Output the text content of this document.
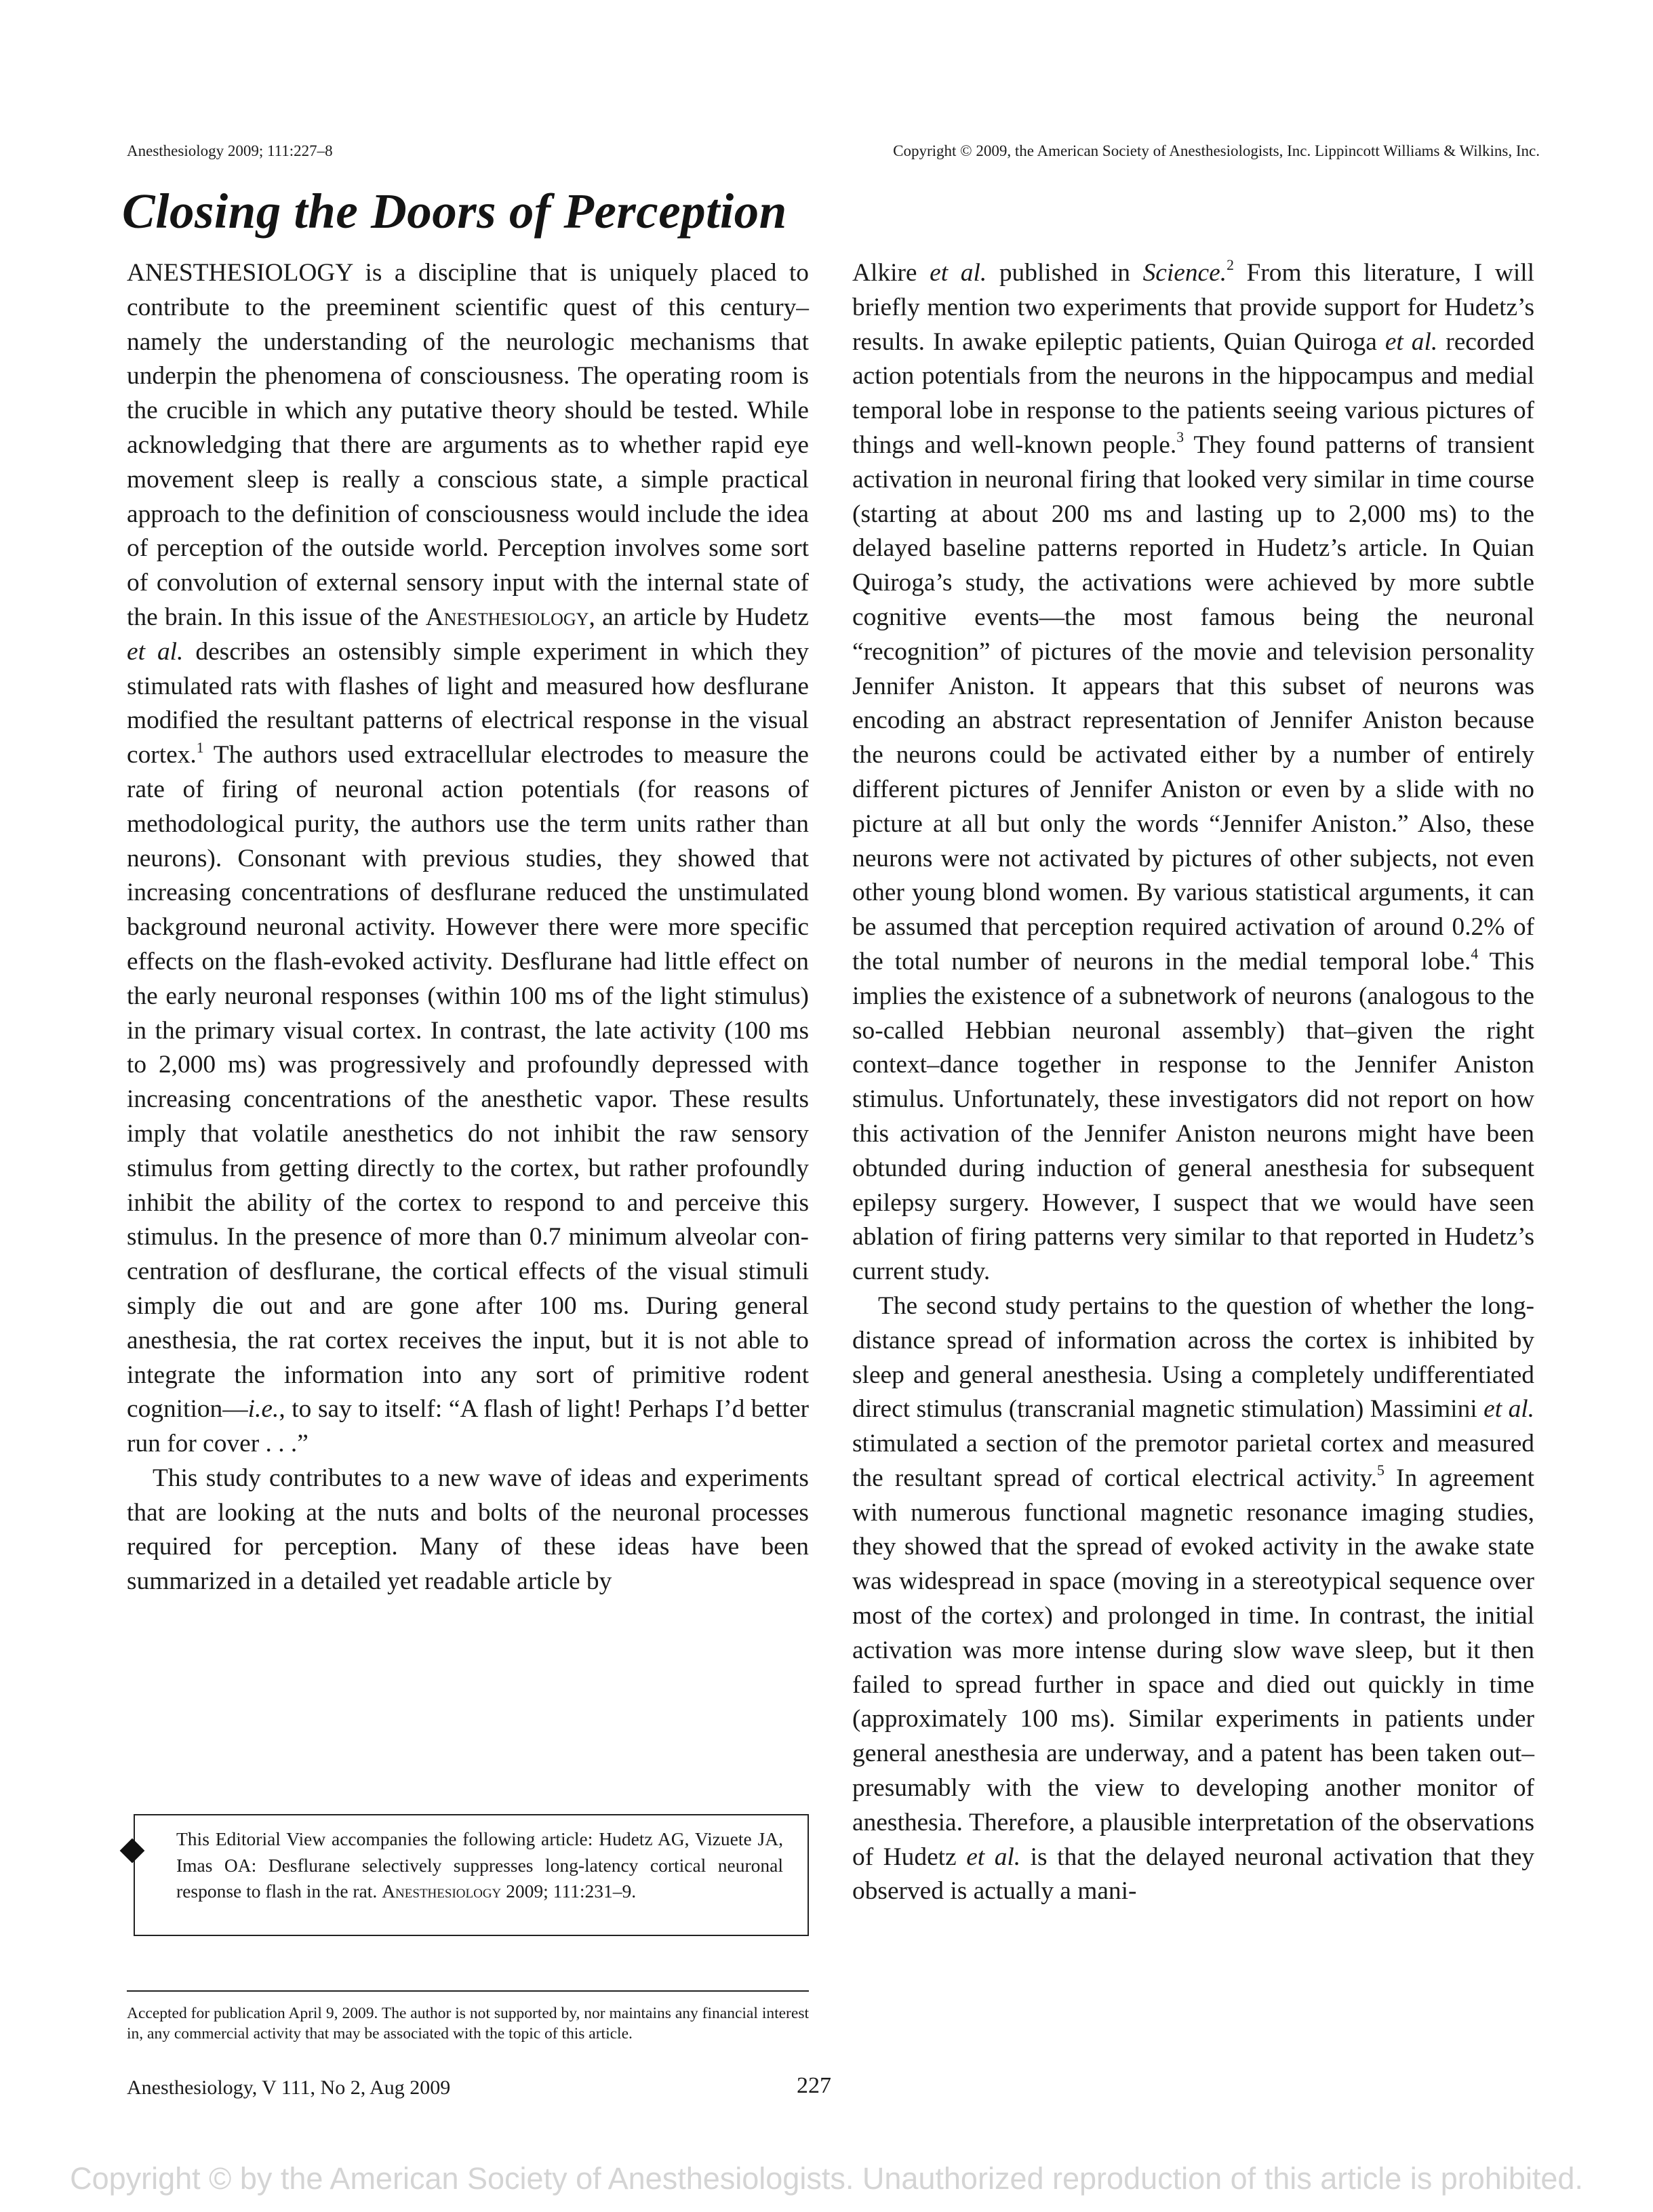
Anesthesiology 2009; 111:227–8	Copyright © 2009, the American Society of Anesthesiologists, Inc. Lippincott Williams & Wilkins, Inc.
Closing the Doors of Perception

ANESTHESIOLOGY is a discipline that is uniquely placed to contribute to the preeminent scientific quest of this century–namely the understanding of the neurologic mechanisms that underpin the phenomena of consciousness. The operating room is the crucible in which any putative theory should be tested. While acknowledging that there are arguments as to whether rapid eye movement sleep is really a conscious state, a simple practical approach to the definition of consciousness would include the idea of perception of the outside world. Perception involves some sort of convolution of external sensory input with the internal state of the brain. In this issue of the Anesthesiology, an article by Hudetz et al. describes an ostensibly simple experiment in which they stimulated rats with flashes of light and measured how desflurane modified the resultant patterns of electrical response in the visual cortex.$^1$ The authors used extracellular electrodes to measure the rate of firing of neuronal action potentials (for reasons of methodological purity, the authors use the term units rather than neurons). Consonant with previous studies, they showed that increasing concentrations of desflurane reduced the unstimulated background neuronal activity. However there were more specific effects on the flash-evoked activity. Desflurane had little effect on the early neuronal responses (within 100 ms of the light stimulus) in the primary visual cortex. In contrast, the late activity (100 ms to 2,000 ms) was progressively and profoundly depressed with increasing concentrations of the anesthetic vapor. These results imply that volatile anesthetics do not inhibit the raw sensory stimulus from getting directly to the cortex, but rather profoundly inhibit the ability of the cortex to respond to and perceive this stimulus. In the presence of more than 0.7 minimum alveolar concentration of desflurane, the cortical effects of the visual stimuli simply die out and are gone after 100 ms. During general anesthesia, the rat cortex receives the input, but it is not able to integrate the information into any sort of primitive rodent cognition—i.e., to say to itself: “A flash of light! Perhaps I’d better run for cover . . .”

This study contributes to a new wave of ideas and experiments that are looking at the nuts and bolts of the neuronal processes required for perception. Many of these ideas have been summarized in a detailed yet readable article by

This Editorial View accompanies the following article: Hudetz AG, Vizuete JA, Imas OA: Desflurane selectively suppresses long-latency cortical neuronal response to flash in the rat. Anesthesiology 2009; 111:231–9.

Accepted for publication April 9, 2009. The author is not supported by, nor maintains any financial interest in, any commercial activity that may be associated with the topic of this article.

Alkire et al. published in Science.$^2$ From this literature, I will briefly mention two experiments that provide support for Hudetz’s results. In awake epileptic patients, Quian Quiroga et al. recorded action potentials from the neurons in the hippocampus and medial temporal lobe in response to the patients seeing various pictures of things and well-known people.$^3$ They found patterns of transient activation in neuronal firing that looked very similar in time course (starting at about 200 ms and lasting up to 2,000 ms) to the delayed baseline patterns reported in Hudetz’s article. In Quian Quiroga’s study, the activations were achieved by more subtle cognitive events—the most famous being the neuronal “recognition” of pictures of the movie and television personality Jennifer Aniston. It appears that this subset of neurons was encoding an abstract representation of Jennifer Aniston because the neurons could be activated either by a number of entirely different pictures of Jennifer Aniston or even by a slide with no picture at all but only the words “Jennifer Aniston.” Also, these neurons were not activated by pictures of other subjects, not even other young blond women. By various statistical arguments, it can be assumed that perception required activation of around 0.2% of the total number of neurons in the medial temporal lobe.$^4$ This implies the existence of a subnetwork of neurons (analogous to the so-called Hebbian neuronal assembly) that–given the right context–dance together in response to the Jennifer Aniston stimulus. Unfortunately, these investigators did not report on how this activation of the Jennifer Aniston neurons might have been obtunded during induction of general anesthesia for subsequent epilepsy surgery. However, I suspect that we would have seen ablation of firing patterns very similar to that reported in Hudetz’s current study.

The second study pertains to the question of whether the long-distance spread of information across the cortex is inhibited by sleep and general anesthesia. Using a completely undifferentiated direct stimulus (transcranial magnetic stimulation) Massimini et al. stimulated a section of the premotor parietal cortex and measured the resultant spread of cortical electrical activity.$^5$ In agreement with numerous functional magnetic resonance imaging studies, they showed that the spread of evoked activity in the awake state was widespread in space (moving in a stereotypical sequence over most of the cortex) and prolonged in time. In contrast, the initial activation was more intense during slow wave sleep, but it then failed to spread further in space and died out quickly in time (approximately 100 ms). Similar experiments in patients under general anesthesia are underway, and a patent has been taken out–presumably with the view to developing another monitor of anesthesia. Therefore, a plausible interpretation of the observations of Hudetz et al. is that the delayed neuronal activation that they observed is actually a mani-

Anesthesiology, V 111, No 2, Aug 2009	227
Copyright © by the American Society of Anesthesiologists. Unauthorized reproduction of this article is prohibited.
